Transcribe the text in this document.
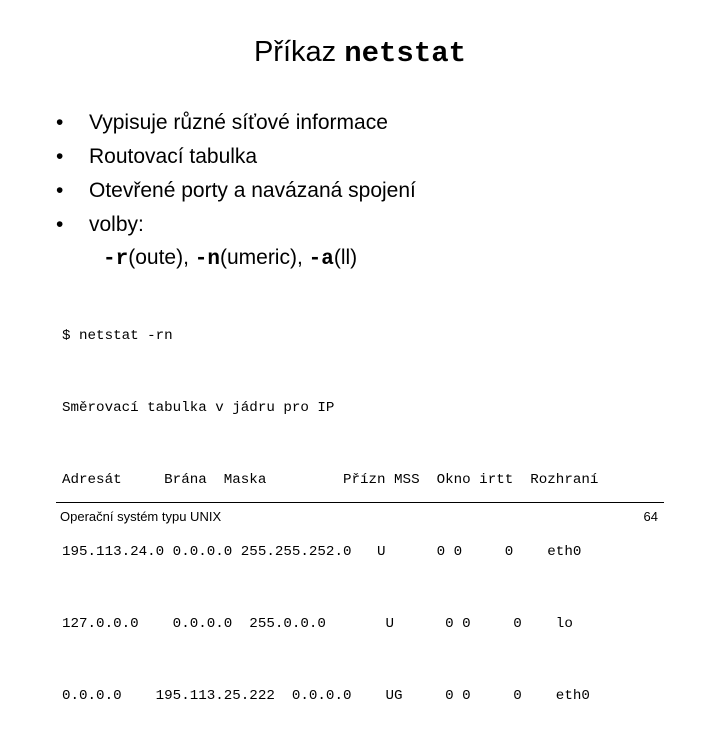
Příkaz netstat
• Vypisuje různé síťové informace
• Routovací tabulka
• Otevřené porty a navázaná spojení
• volby:
-r(oute), -n(umeric), -a(ll)

$ netstat -rn

Směrovací tabulka v jádru pro IP

Adresát     Brána  Maska         Přízn MSS  Okno irtt  Rozhraní

195.113.24.0 0.0.0.0 255.255.252.0   U      0 0     0    eth0

127.0.0.0    0.0.0.0  255.0.0.0       U      0 0     0    lo

0.0.0.0    195.113.25.222  0.0.0.0    UG     0 0     0    eth0

Operační systém typu UNIX	64
